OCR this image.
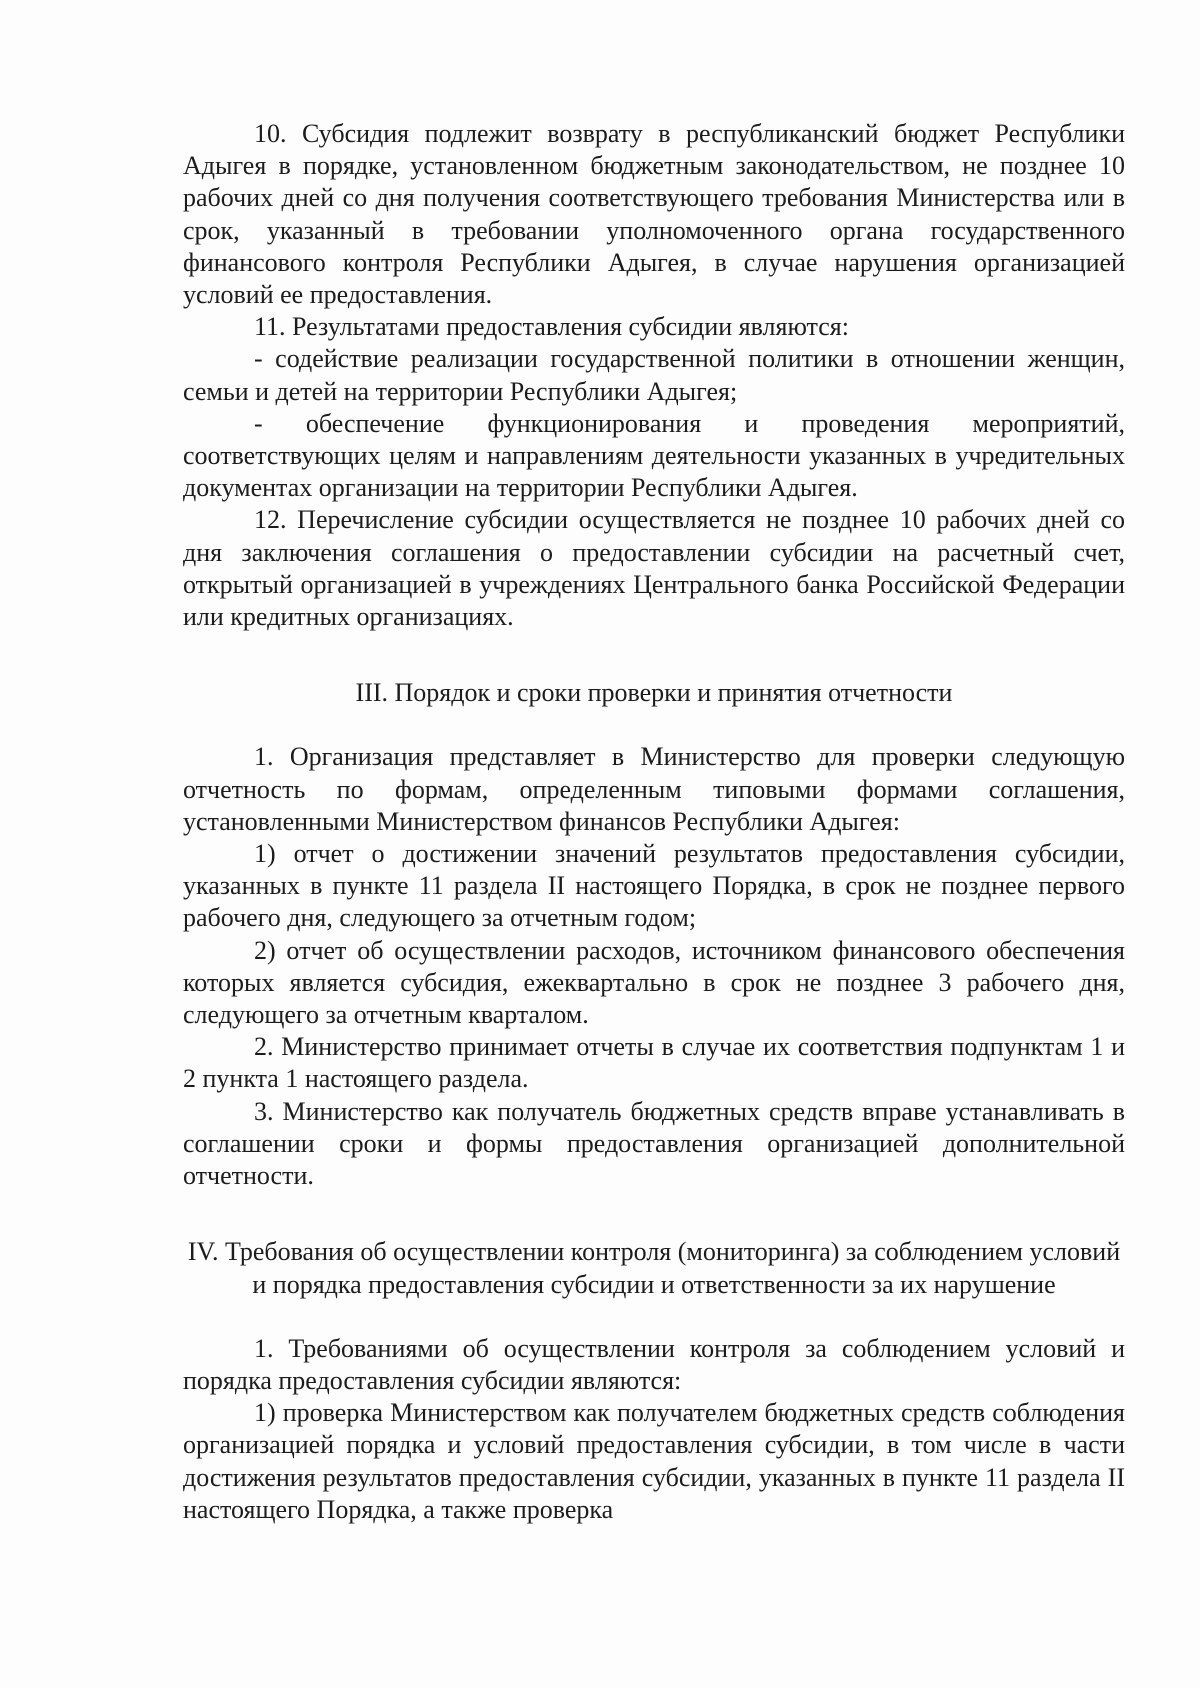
10. Субсидия подлежит возврату в республиканский бюджет Республики Адыгея в порядке, установленном бюджетным законодательством, не позднее 10 рабочих дней со дня получения соответствующего требования Министерства или в срок, указанный в требовании уполномоченного органа государственного финансового контроля Республики Адыгея, в случае нарушения организацией условий ее предоставления.

11. Результатами предоставления субсидии являются:

- содействие реализации государственной политики в отношении женщин, семьи и детей на территории Республики Адыгея;

- обеспечение функционирования и проведения мероприятий, соответствующих целям и направлениям деятельности указанных в учредительных документах организации на территории Республики Адыгея.

12. Перечисление субсидии осуществляется не позднее 10 рабочих дней со дня заключения соглашения о предоставлении субсидии на расчетный счет, открытый организацией в учреждениях Центрального банка Российской Федерации или кредитных организациях.

III. Порядок и сроки проверки и принятия отчетности

1. Организация представляет в Министерство для проверки следующую отчетность по формам, определенным типовыми формами соглашения, установленными Министерством финансов Республики Адыгея:

1) отчет о достижении значений результатов предоставления субсидии, указанных в пункте 11 раздела II настоящего Порядка, в срок не позднее первого рабочего дня, следующего за отчетным годом;

2) отчет об осуществлении расходов, источником финансового обеспечения которых является субсидия, ежеквартально в срок не позднее 3 рабочего дня, следующего за отчетным кварталом.

2. Министерство принимает отчеты в случае их соответствия подпунктам 1 и 2 пункта 1 настоящего раздела.

3. Министерство как получатель бюджетных средств вправе устанавливать в соглашении сроки и формы предоставления организацией дополнительной отчетности.

IV. Требования об осуществлении контроля (мониторинга) за соблюдением условий и порядка предоставления субсидии и ответственности за их нарушение

1. Требованиями об осуществлении контроля за соблюдением условий и порядка предоставления субсидии являются:

1) проверка Министерством как получателем бюджетных средств соблюдения организацией порядка и условий предоставления субсидии, в том числе в части достижения результатов предоставления субсидии, указанных в пункте 11 раздела II настоящего Порядка, а также проверка
